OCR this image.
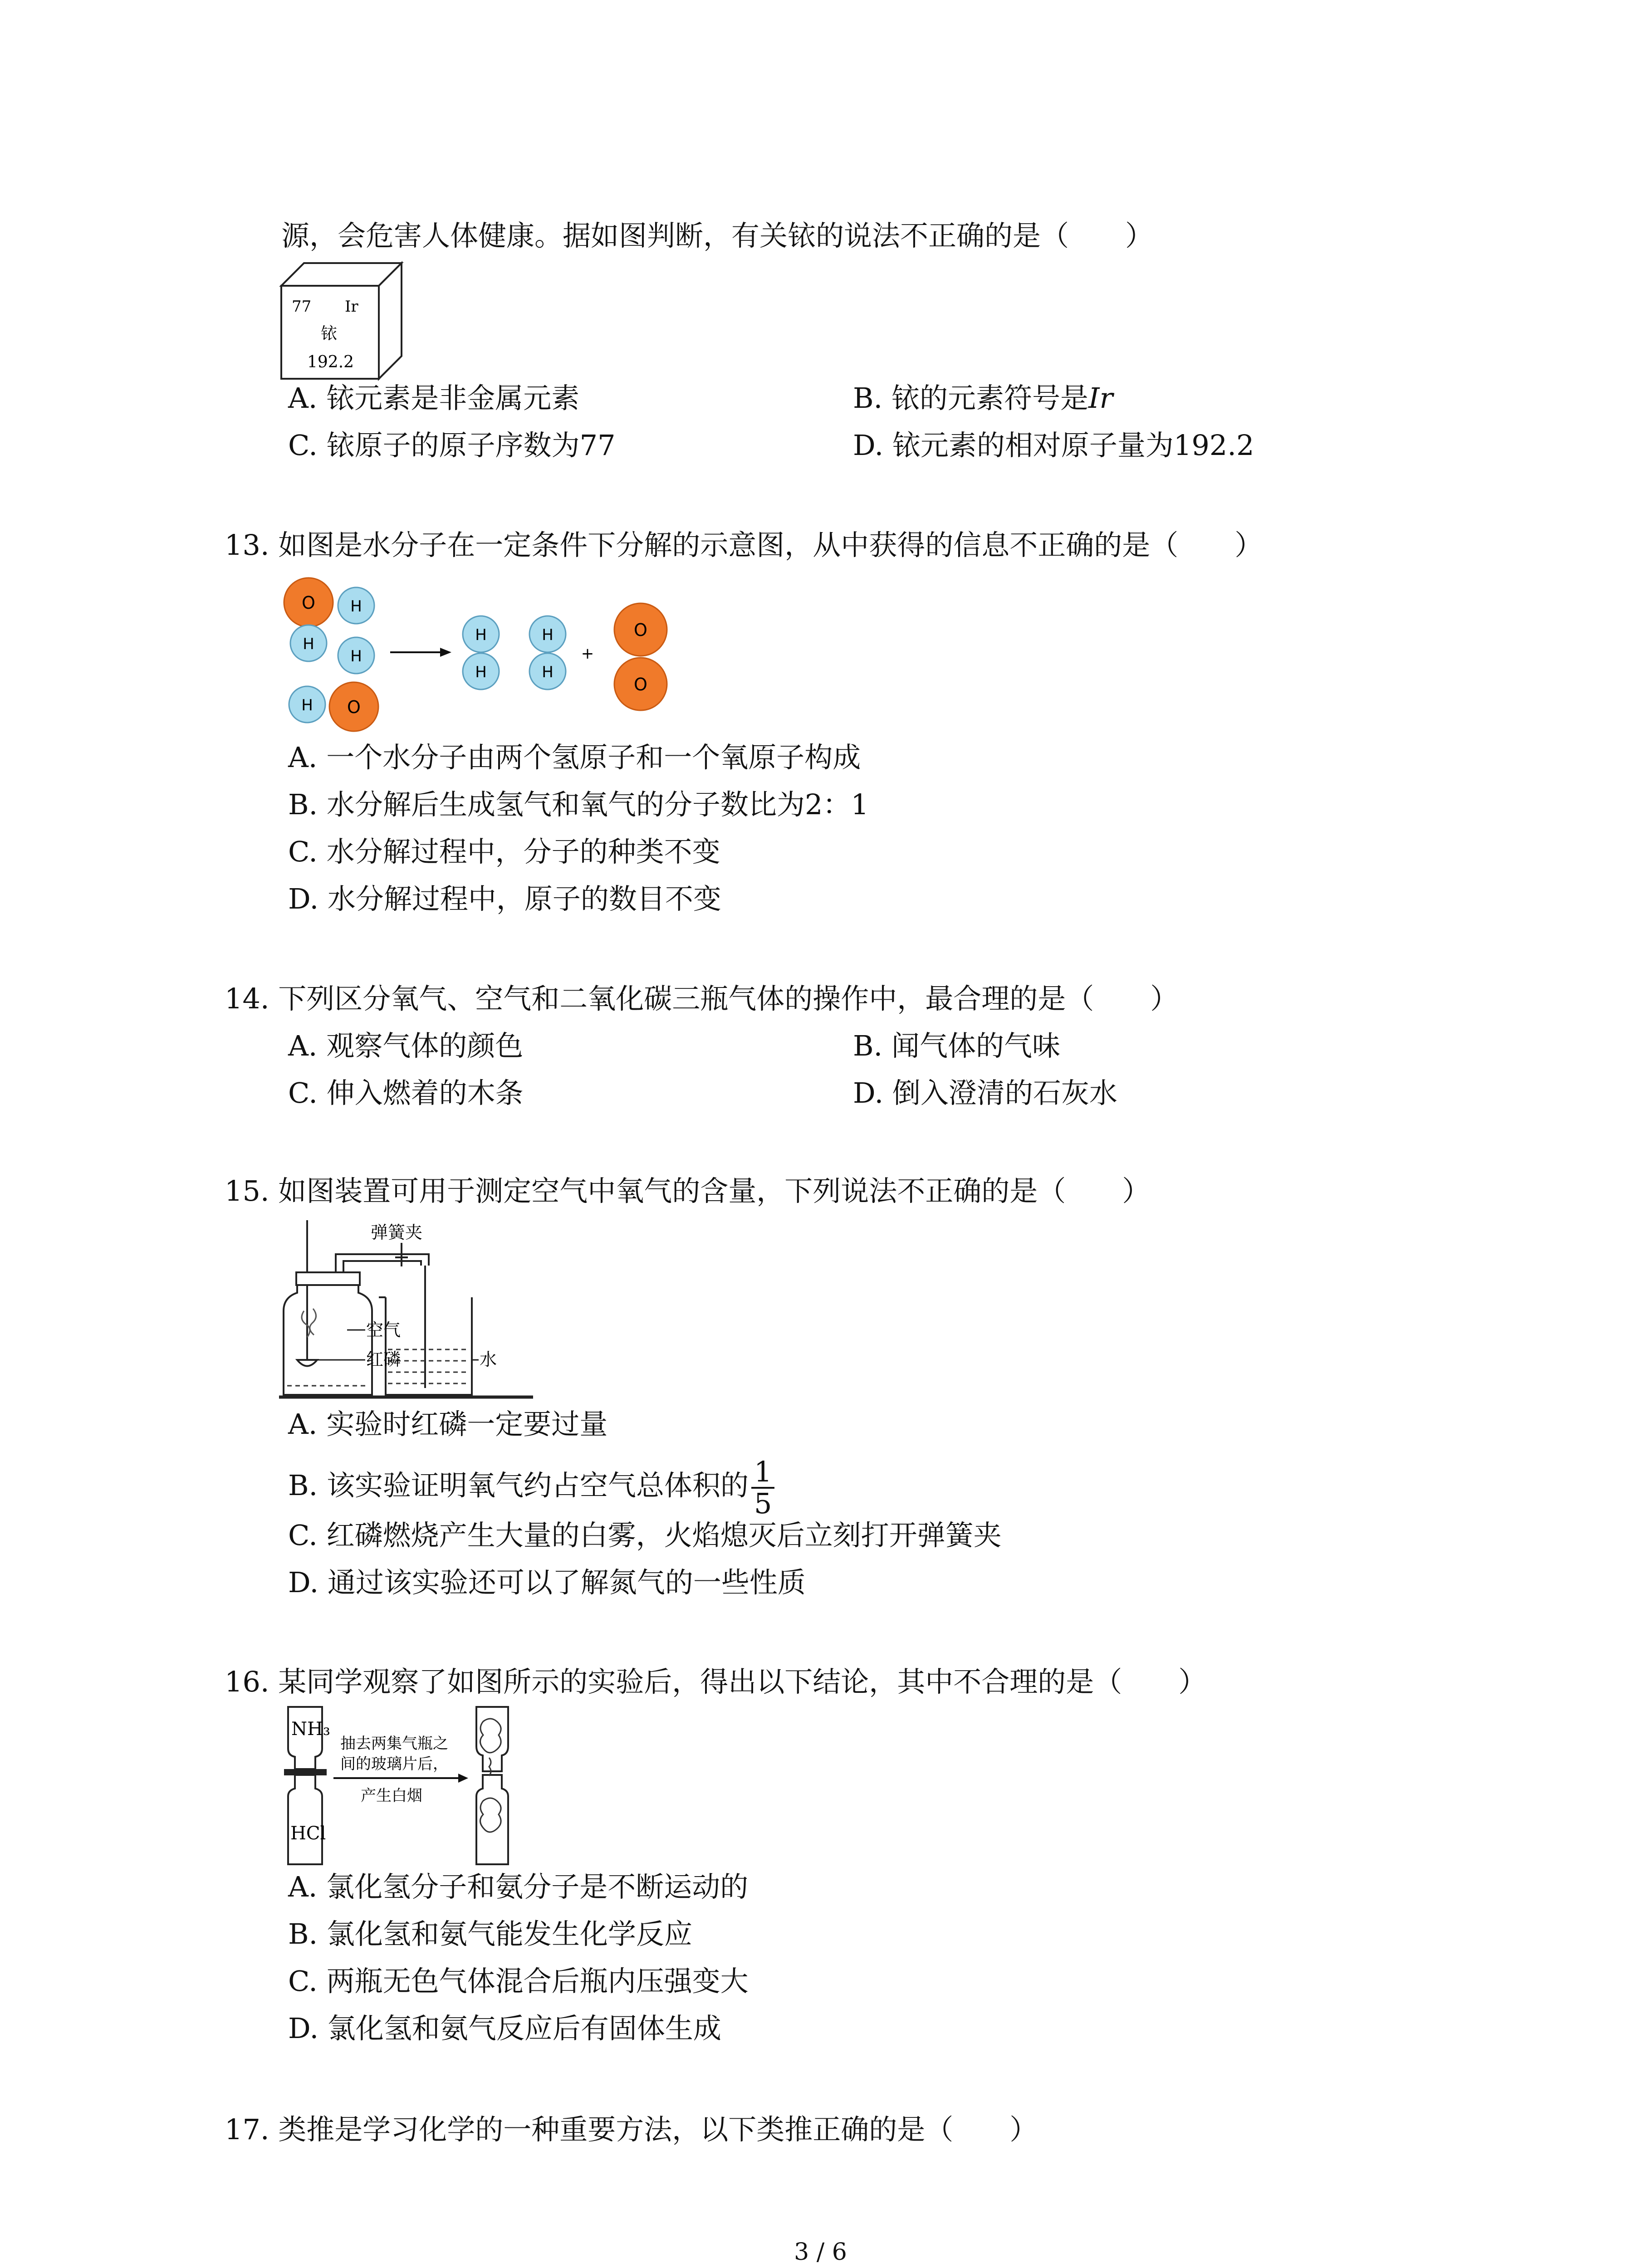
源，会危害人体健康。据如图判断，有关铱的说法不正确的是（　　）
77 Ir
铱
192.2
A. 铱元素是非金属元素	B. 铱的元素符号是Ir
C. 铱原子的原子序数为77	D. 铱元素的相对原子量为192.2
13. 如图是水分子在一定条件下分解的示意图，从中获得的信息不正确的是（　　）
O H
H
H
H O
H
H
H
H
+
O
O
A. 一个水分子由两个氢原子和一个氧原子构成
B. 水分解后生成氢气和氧气的分子数比为2：1
C. 水分解过程中，分子的种类不变
D. 水分解过程中，原子的数目不变
14. 下列区分氧气、空气和二氧化碳三瓶气体的操作中，最合理的是（　　）
A. 观察气体的颜色	B. 闻气体的气味
C. 伸入燃着的木条	D. 倒入澄清的石灰水
15. 如图装置可用于测定空气中氧气的含量，下列说法不正确的是（　　）
弹簧夹
空气
红磷	水
A. 实验时红磷一定要过量
B. 该实验证明氧气约占空气总体积的 $\frac{1}{5}$
C. 红磷燃烧产生大量的白雾，火焰熄灭后立刻打开弹簧夹
D. 通过该实验还可以了解氮气的一些性质
16. 某同学观察了如图所示的实验后，得出以下结论，其中不合理的是（　　）
NH₃
HCl
抽去两集气瓶之
间的玻璃片后，
产生白烟
A. 氯化氢分子和氨分子是不断运动的
B. 氯化氢和氨气能发生化学反应
C. 两瓶无色气体混合后瓶内压强变大
D. 氯化氢和氨气反应后有固体生成
17. 类推是学习化学的一种重要方法，以下类推正确的是（　　）
3 / 6
